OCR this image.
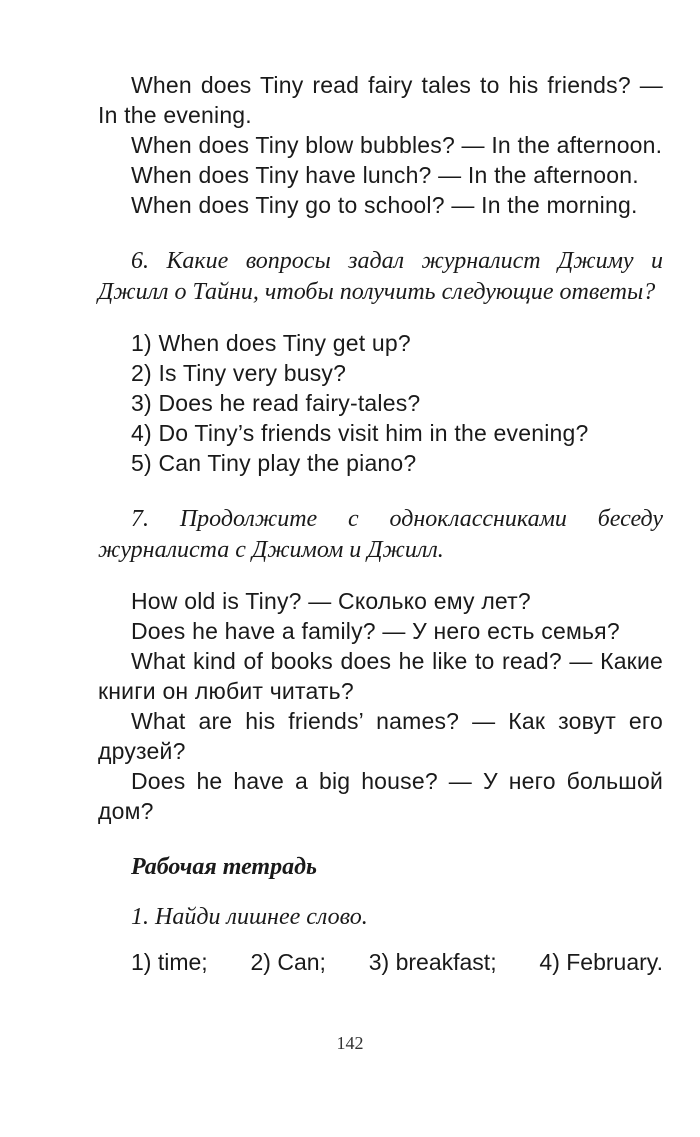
When does Tiny read fairy tales to his friends? — In the evening.

When does Tiny blow bubbles? — In the afternoon.

When does Tiny have lunch? — In the afternoon.

When does Tiny go to school? — In the morning.

6. Какие вопросы задал журналист Джиму и Джилл о Тайни, чтобы получить следующие ответы?

1) When does Tiny get up?

2) Is Tiny very busy?

3) Does he read fairy-tales?

4) Do Tiny’s friends visit him in the evening?

5) Can Tiny play the piano?

7. Продолжите с одноклассниками беседу журналиста с Джимом и Джилл.

How old is Tiny? — Сколько ему лет?

Does he have a family? — У него есть семья?

What kind of books does he like to read? — Какие книги он любит читать?

What are his friends’ names? — Как зовут его друзей?

Does he have a big house? — У него большой дом?

Рабочая тетрадь

1. Найди лишнее слово.

1) time; 2) Can; 3) breakfast; 4) February.
142
